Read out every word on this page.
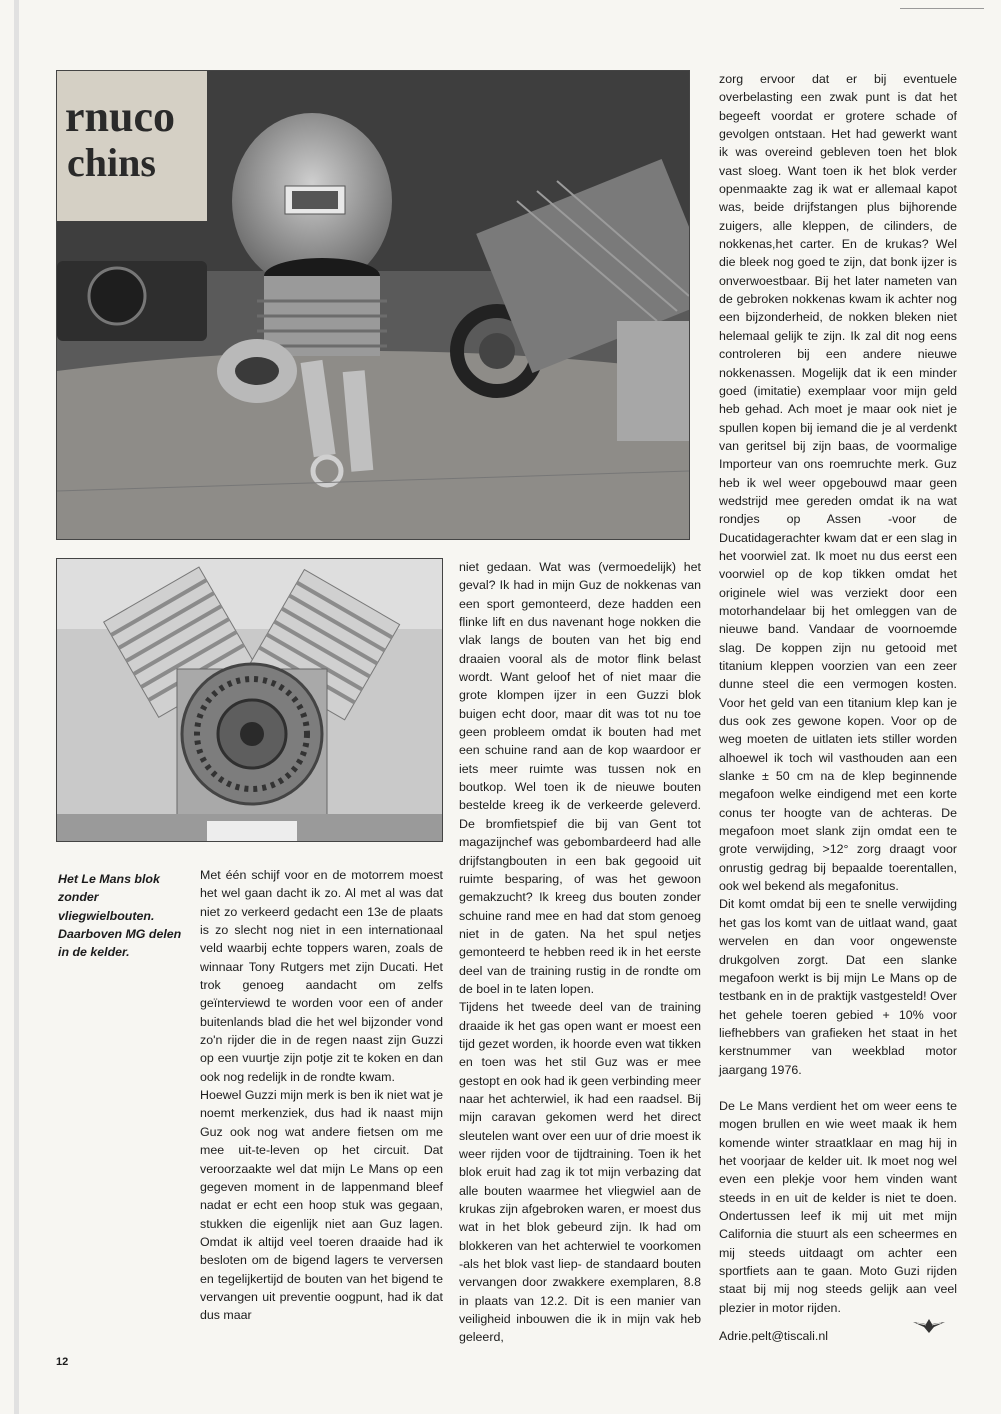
rnuco
chins
Het Le Mans blok zonder vliegwielbouten. Daarboven MG delen in de kelder.

Met één schijf voor en de motorrem moest het wel gaan dacht ik zo. Al met al was dat niet zo verkeerd gedacht een 13e de plaats is zo slecht nog niet in een internationaal veld waarbij echte toppers waren, zoals de winnaar Tony Rutgers met zijn Ducati. Het trok genoeg aandacht om zelfs geïnterviewd te worden voor een of ander buitenlands blad die het wel bijzonder vond zo'n rijder die in de regen naast zijn Guzzi op een vuurtje zijn potje zit te koken en dan ook nog redelijk in de rondte kwam.

Hoewel Guzzi mijn merk is ben ik niet wat je noemt merkenziek, dus had ik naast mijn Guz ook nog wat andere fietsen om me mee uit-te-leven op het circuit. Dat veroorzaakte wel dat mijn Le Mans op een gegeven moment in de lappenmand bleef nadat er echt een hoop stuk was gegaan, stukken die eigenlijk niet aan Guz lagen. Omdat ik altijd veel toeren draaide had ik besloten om de bigend lagers te verversen en tegelijkertijd de bouten van het bigend te vervangen uit preventie oogpunt, had ik dat dus maar

niet gedaan. Wat was (vermoedelijk) het geval? Ik had in mijn Guz de nokkenas van een sport gemonteerd, deze hadden een flinke lift en dus navenant hoge nokken die vlak langs de bouten van het big end draaien vooral als de motor flink belast wordt. Want geloof het of niet maar die grote klompen ijzer in een Guzzi blok buigen echt door, maar dit was tot nu toe geen probleem omdat ik bouten had met een schuine rand aan de kop waardoor er iets meer ruimte was tussen nok en boutkop. Wel toen ik de nieuwe bouten bestelde kreeg ik de verkeerde geleverd. De bromfietspief die bij van Gent tot magazijnchef was gebombardeerd had alle drijfstangbouten in een bak gegooid uit ruimte besparing, of was het gewoon gemakzucht? Ik kreeg dus bouten zonder schuine rand mee en had dat stom genoeg niet in de gaten. Na het spul netjes gemonteerd te hebben reed ik in het eerste deel van de training rustig in de rondte om de boel in te laten lopen.

Tijdens het tweede deel van de training draaide ik het gas open want er moest een tijd gezet worden, ik hoorde even wat tikken en toen was het stil Guz was er mee gestopt en ook had ik geen verbinding meer naar het achterwiel, ik had een raadsel. Bij mijn caravan gekomen werd het direct sleutelen want over een uur of drie moest ik weer rijden voor de tijdtraining. Toen ik het blok eruit had zag ik tot mijn verbazing dat alle bouten waarmee het vliegwiel aan de krukas zijn afgebroken waren, er moest dus wat in het blok gebeurd zijn. Ik had om blokkeren van het achterwiel te voorkomen -als het blok vast liep- de standaard bouten vervangen door zwakkere exemplaren, 8.8 in plaats van 12.2. Dit is een manier van veiligheid inbouwen die ik in mijn vak heb geleerd,

zorg ervoor dat er bij eventuele overbelasting een zwak punt is dat het begeeft voordat er grotere schade of gevolgen ontstaan. Het had gewerkt want ik was overeind gebleven toen het blok vast sloeg. Want toen ik het blok verder openmaakte zag ik wat er allemaal kapot was, beide drijfstangen plus bijhorende zuigers, alle kleppen, de cilinders, de nokkenas,het carter. En de krukas? Wel die bleek nog goed te zijn, dat bonk ijzer is onverwoestbaar. Bij het later nameten van de gebroken nokkenas kwam ik achter nog een bijzonderheid, de nokken bleken niet helemaal gelijk te zijn. Ik zal dit nog eens controleren bij een andere nieuwe nokkenassen. Mogelijk dat ik een minder goed (imitatie) exemplaar voor mijn geld heb gehad. Ach moet je maar ook niet je spullen kopen bij iemand die je al verdenkt van geritsel bij zijn baas, de voormalige Importeur van ons roemruchte merk. Guz heb ik wel weer opgebouwd maar geen wedstrijd mee gereden omdat ik na wat rondjes op Assen -voor de Ducatidagerachter kwam dat er een slag in het voorwiel zat. Ik moet nu dus eerst een voorwiel op de kop tikken omdat het originele wiel was verziekt door een motorhandelaar bij het omleggen van de nieuwe band. Vandaar de voornoemde slag. De koppen zijn nu getooid met titanium kleppen voorzien van een zeer dunne steel die een vermogen kosten. Voor het geld van een titanium klep kan je dus ook zes gewone kopen. Voor op de weg moeten de uitlaten iets stiller worden alhoewel ik toch wil vasthouden aan een slanke ± 50 cm na de klep beginnende megafoon welke eindigend met een korte conus ter hoogte van de achteras. De megafoon moet slank zijn omdat een te grote verwijding, >12° zorg draagt voor onrustig gedrag bij bepaalde toerentallen, ook wel bekend als megafonitus.

Dit komt omdat bij een te snelle verwijding het gas los komt van de uitlaat wand, gaat wervelen en dan voor ongewenste drukgolven zorgt. Dat een slanke megafoon werkt is bij mijn Le Mans op de testbank en in de praktijk vastgesteld! Over het gehele toeren gebied + 10% voor liefhebbers van grafieken het staat in het kerstnummer van weekblad motor jaargang 1976.

De Le Mans verdient het om weer eens te mogen brullen en wie weet maak ik hem komende winter straatklaar en mag hij in het voorjaar de kelder uit. Ik moet nog wel even een plekje voor hem vinden want steeds in en uit de kelder is niet te doen. Ondertussen leef ik mij uit met mijn California die stuurt als een scheermes en mij steeds uitdaagt om achter een sportfiets aan te gaan. Moto Guzi rijden staat bij mij nog steeds gelijk aan veel plezier in motor rijden.

Adrie.pelt@tiscali.nl

12
